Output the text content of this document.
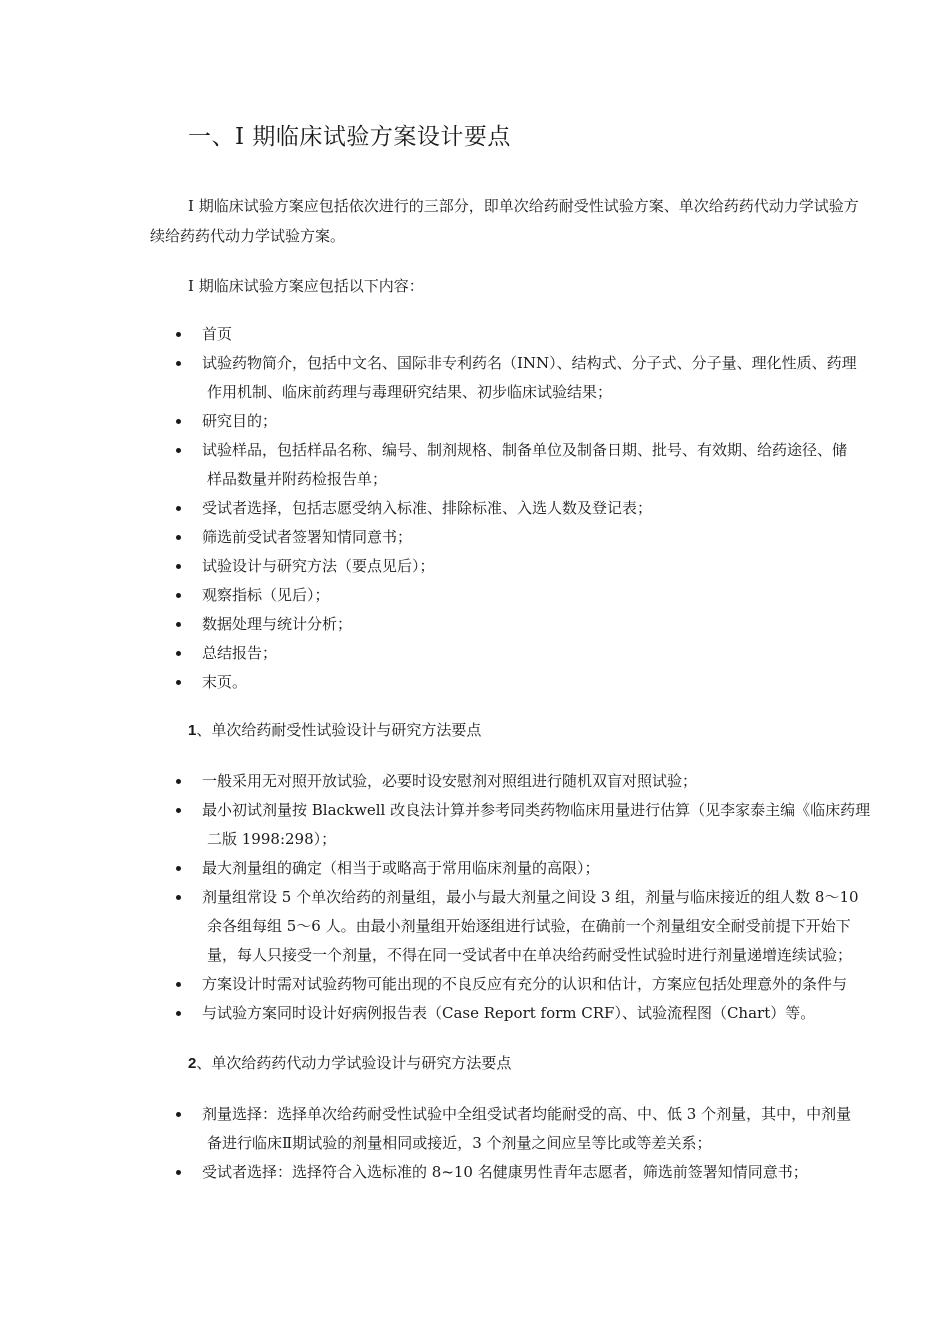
一、I 期临床试验方案设计要点
I 期临床试验方案应包括依次进行的三部分，即单次给药耐受性试验方案、单次给药药代动力学试验方
续给药药代动力学试验方案。
I 期临床试验方案应包括以下内容：
首页
试验药物简介，包括中文名、国际非专利药名（INN）、结构式、分子式、分子量、理化性质、药理
作用机制、临床前药理与毒理研究结果、初步临床试验结果；
研究目的；
试验样品，包括样品名称、编号、制剂规格、制备单位及制备日期、批号、有效期、给药途径、储
样品数量并附药检报告单；
受试者选择，包括志愿受纳入标准、排除标准、入选人数及登记表；
筛选前受试者签署知情同意书；
试验设计与研究方法（要点见后）；
观察指标（见后）；
数据处理与统计分析；
总结报告；
末页。
1、单次给药耐受性试验设计与研究方法要点
一般采用无对照开放试验，必要时设安慰剂对照组进行随机双盲对照试验；
最小初试剂量按 Blackwell 改良法计算并参考同类药物临床用量进行估算（见李家泰主编《临床药理
二版 1998:298）；
最大剂量组的确定（相当于或略高于常用临床剂量的高限）；
剂量组常设 5 个单次给药的剂量组，最小与最大剂量之间设 3 组，剂量与临床接近的组人数 8～10
余各组每组 5～6 人。由最小剂量组开始逐组进行试验，在确前一个剂量组安全耐受前提下开始下
量，每人只接受一个剂量，不得在同一受试者中在单决给药耐受性试验时进行剂量递增连续试验；
方案设计时需对试验药物可能出现的不良反应有充分的认识和估计，方案应包括处理意外的条件与
与试验方案同时设计好病例报告表（Case Report form CRF）、试验流程图（Chart）等。
2、单次给药药代动力学试验设计与研究方法要点
剂量选择：选择单次给药耐受性试验中全组受试者均能耐受的高、中、低 3 个剂量，其中，中剂量
备进行临床Ⅱ期试验的剂量相同或接近，3 个剂量之间应呈等比或等差关系；
受试者选择：选择符合入选标准的 8~10 名健康男性青年志愿者，筛选前签署知情同意书；
